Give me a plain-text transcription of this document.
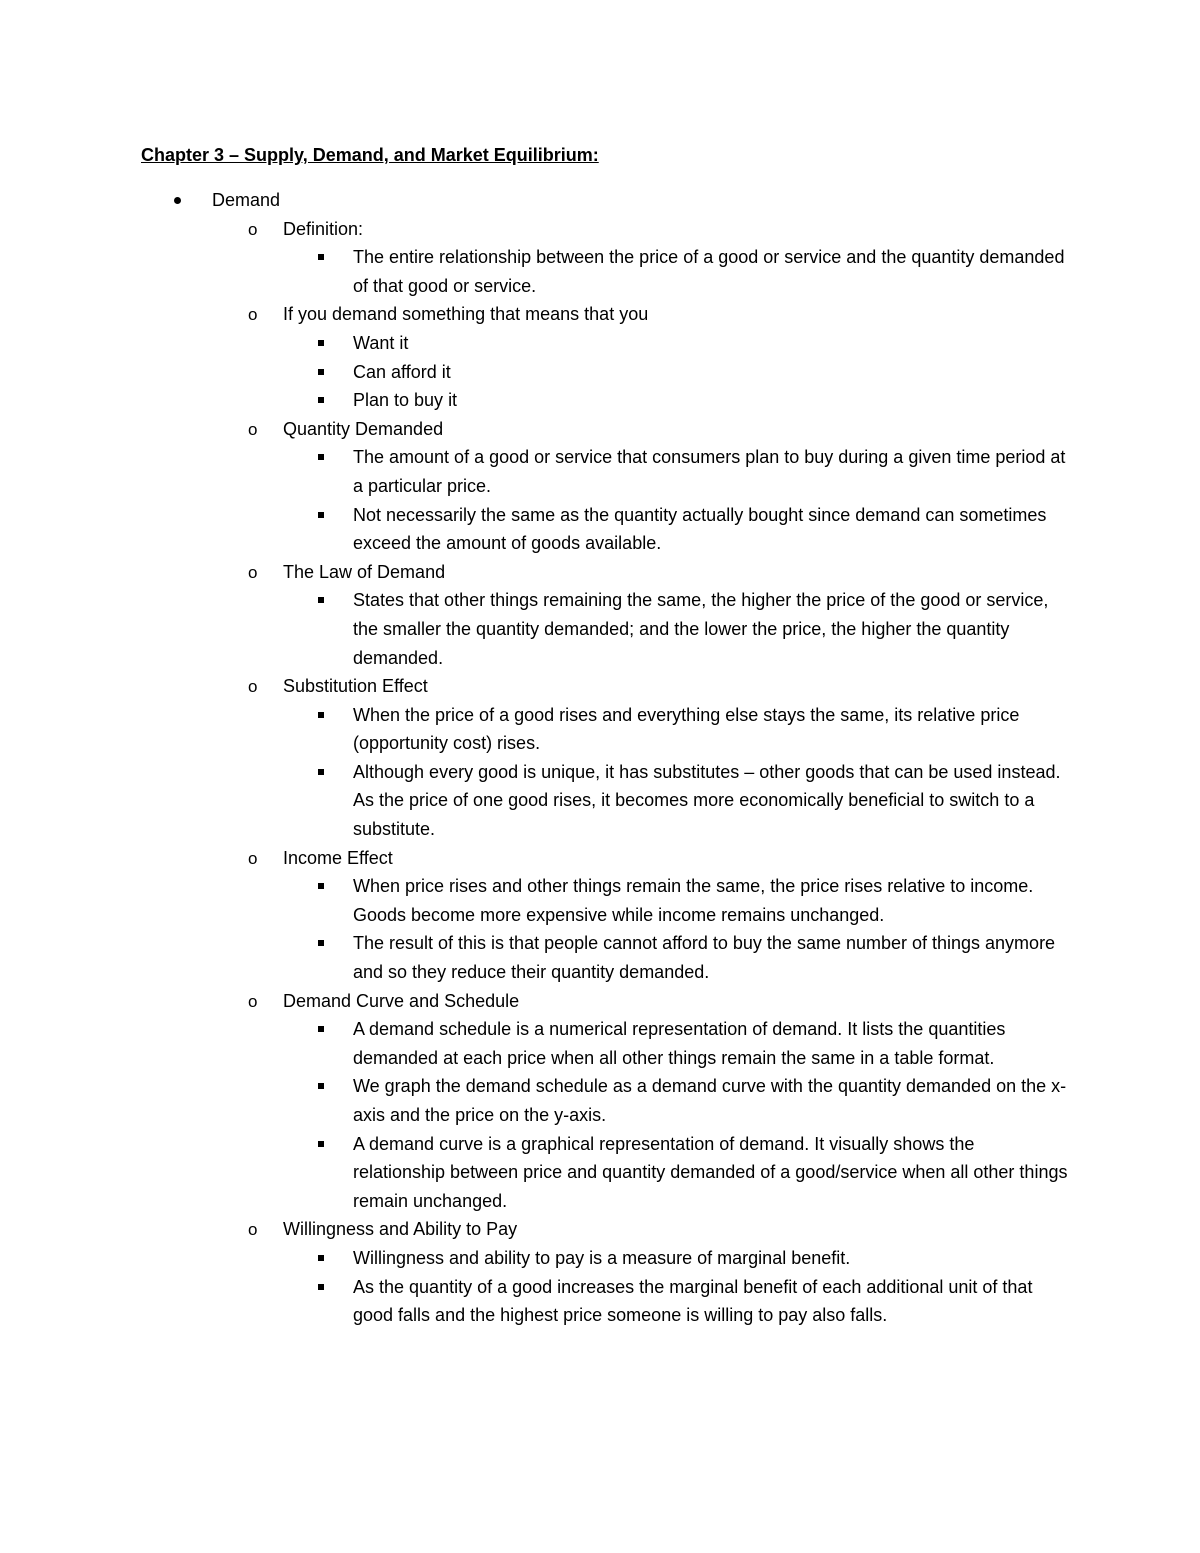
Chapter 3 – Supply, Demand, and Market Equilibrium:
Demand
o Definition:
The entire relationship between the price of a good or service and the quantity demanded of that good or service.
o If you demand something that means that you
Want it
Can afford it
Plan to buy it
o Quantity Demanded
The amount of a good or service that consumers plan to buy during a given time period at a particular price.
Not necessarily the same as the quantity actually bought since demand can sometimes exceed the amount of goods available.
o The Law of Demand
States that other things remaining the same, the higher the price of the good or service, the smaller the quantity demanded; and the lower the price, the higher the quantity demanded.
o Substitution Effect
When the price of a good rises and everything else stays the same, its relative price (opportunity cost) rises.
Although every good is unique, it has substitutes – other goods that can be used instead. As the price of one good rises, it becomes more economically beneficial to switch to a substitute.
o Income Effect
When price rises and other things remain the same, the price rises relative to income. Goods become more expensive while income remains unchanged.
The result of this is that people cannot afford to buy the same number of things anymore and so they reduce their quantity demanded.
o Demand Curve and Schedule
A demand schedule is a numerical representation of demand. It lists the quantities demanded at each price when all other things remain the same in a table format.
We graph the demand schedule as a demand curve with the quantity demanded on the x-axis and the price on the y-axis.
A demand curve is a graphical representation of demand. It visually shows the relationship between price and quantity demanded of a good/service when all other things remain unchanged.
o Willingness and Ability to Pay
Willingness and ability to pay is a measure of marginal benefit.
As the quantity of a good increases the marginal benefit of each additional unit of that good falls and the highest price someone is willing to pay also falls.
